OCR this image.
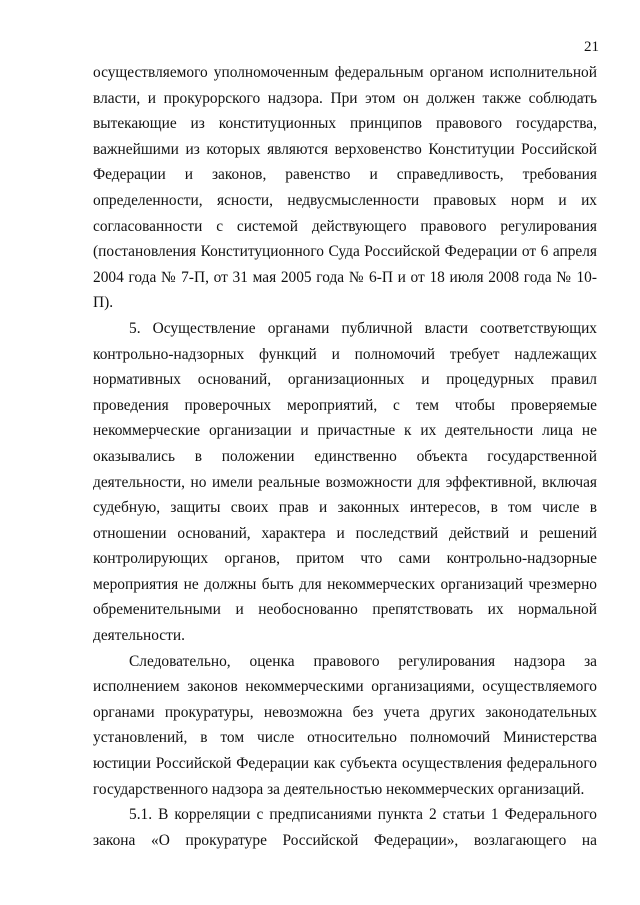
21

осуществляемого уполномоченным федеральным органом исполнительной власти, и прокурорского надзора. При этом он должен также соблюдать вытекающие из конституционных принципов правового государства, важнейшими из которых являются верховенство Конституции Российской Федерации и законов, равенство и справедливость, требования определенности, ясности, недвусмысленности правовых норм и их согласованности с системой действующего правового регулирования (постановления Конституционного Суда Российской Федерации от 6 апреля 2004 года № 7-П, от 31 мая 2005 года № 6-П и от 18 июля 2008 года № 10-П).

5. Осуществление органами публичной власти соответствующих контрольно-надзорных функций и полномочий требует надлежащих нормативных оснований, организационных и процедурных правил проведения проверочных мероприятий, с тем чтобы проверяемые некоммерческие организации и причастные к их деятельности лица не оказывались в положении единственно объекта государственной деятельности, но имели реальные возможности для эффективной, включая судебную, защиты своих прав и законных интересов, в том числе в отношении оснований, характера и последствий действий и решений контролирующих органов, притом что сами контрольно-надзорные мероприятия не должны быть для некоммерческих организаций чрезмерно обременительными и необоснованно препятствовать их нормальной деятельности.

Следовательно, оценка правового регулирования надзора за исполнением законов некоммерческими организациями, осуществляемого органами прокуратуры, невозможна без учета других законодательных установлений, в том числе относительно полномочий Министерства юстиции Российской Федерации как субъекта осуществления федерального государственного надзора за деятельностью некоммерческих организаций.

5.1. В корреляции с предписаниями пункта 2 статьи 1 Федерального закона «О прокуратуре Российской Федерации», возлагающего на
